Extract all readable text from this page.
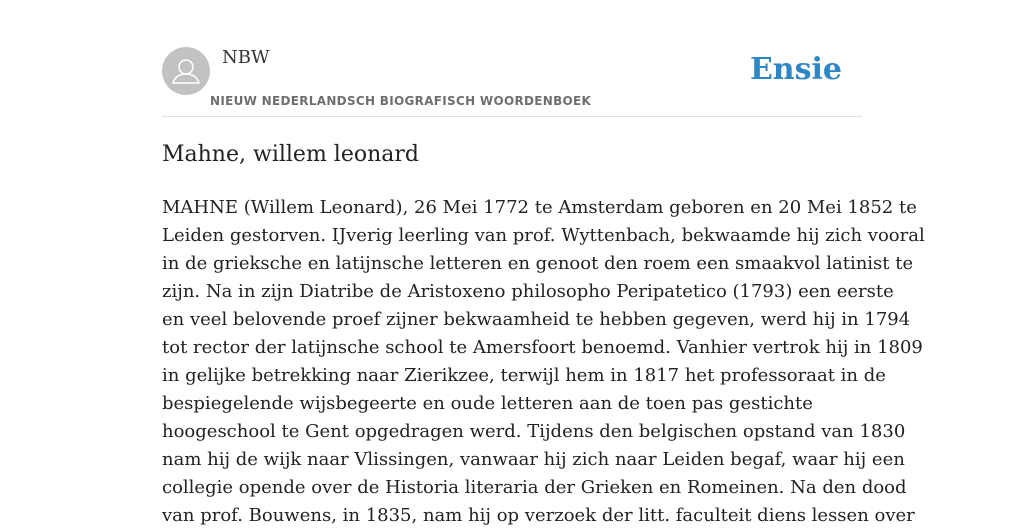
NBW
NIEUW NEDERLANDSCH BIOGRAFISCH WOORDENBOEK
Ensie
Mahne, willem leonard
MAHNE (Willem Leonard), 26 Mei 1772 te Amsterdam geboren en 20 Mei 1852 te
Leiden gestorven. IJverig leerling van prof. Wyttenbach, bekwaamde hij zich vooral
in de grieksche en latijnsche letteren en genoot den roem een smaakvol latinist te
zijn. Na in zijn Diatribe de Aristoxeno philosopho Peripatetico (1793) een eerste
en veel belovende proef zijner bekwaamheid te hebben gegeven, werd hij in 1794
tot rector der latijnsche school te Amersfoort benoemd. Vanhier vertrok hij in 1809
in gelijke betrekking naar Zierikzee, terwijl hem in 1817 het professoraat in de
bespiegelende wijsbegeerte en oude letteren aan de toen pas gestichte
hoogeschool te Gent opgedragen werd. Tijdens den belgischen opstand van 1830
nam hij de wijk naar Vlissingen, vanwaar hij zich naar Leiden begaf, waar hij een
collegie opende over de Historia literaria der Grieken en Romeinen. Na den dood
van prof. Bouwens, in 1835, nam hij op verzoek der litt. faculteit diens lessen over
